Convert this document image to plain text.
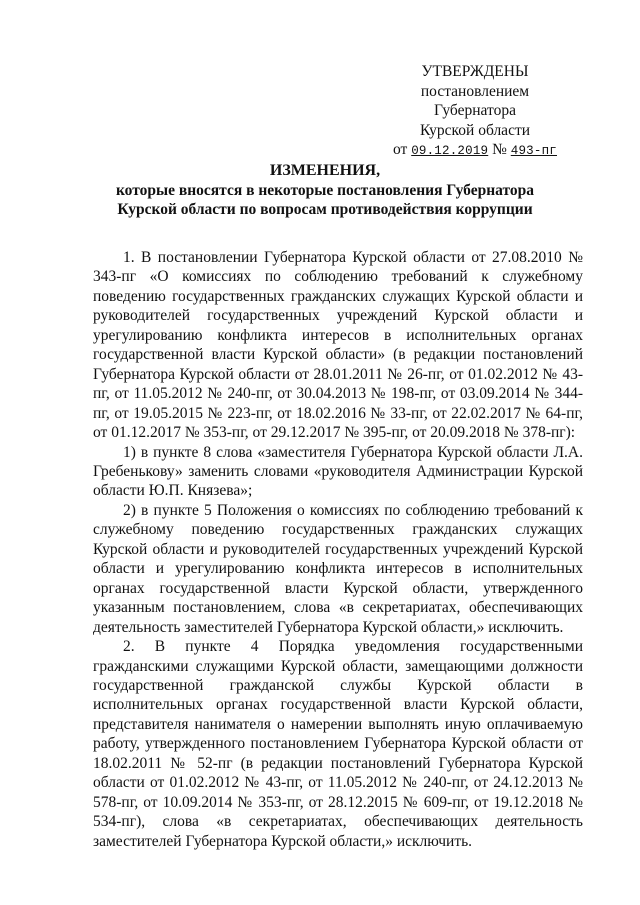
УТВЕРЖДЕНЫ
постановлением Губернатора
Курской области
от 09.12.2019 № 493-пг
ИЗМЕНЕНИЯ,
которые вносятся в некоторые постановления Губернатора Курской области по вопросам противодействия коррупции

1. В постановлении Губернатора Курской области от 27.08.2010 № 343-пг «О комиссиях по соблюдению требований к служебному поведению государственных гражданских служащих Курской области и руководителей государственных учреждений Курской области и урегулированию конфликта интересов в исполнительных органах государственной власти Курской области» (в редакции постановлений Губернатора Курской области от 28.01.2011 № 26-пг, от 01.02.2012 № 43-пг, от 11.05.2012 № 240-пг, от 30.04.2013 № 198-пг, от 03.09.2014 № 344-пг, от 19.05.2015 № 223-пг, от 18.02.2016 № 33-пг, от 22.02.2017 № 64-пг, от 01.12.2017 № 353-пг, от 29.12.2017 № 395-пг, от 20.09.2018 № 378-пг):

1) в пункте 8 слова «заместителя Губернатора Курской области Л.А. Гребенькову» заменить словами «руководителя Администрации Курской области Ю.П. Князева»;

2) в пункте 5 Положения о комиссиях по соблюдению требований к служебному поведению государственных гражданских служащих Курской области и руководителей государственных учреждений Курской области и урегулированию конфликта интересов в исполнительных органах государственной власти Курской области, утвержденного указанным постановлением, слова «в секретариатах, обеспечивающих деятельность заместителей Губернатора Курской области,» исключить.

2. В пункте 4 Порядка уведомления государственными гражданскими служащими Курской области, замещающими должности государственной гражданской службы Курской области в исполнительных органах государственной власти Курской области, представителя нанимателя о намерении выполнять иную оплачиваемую работу, утвержденного постановлением Губернатора Курской области от 18.02.2011 № 52-пг (в редакции постановлений Губернатора Курской области от 01.02.2012 № 43-пг, от 11.05.2012 № 240-пг, от 24.12.2013 № 578-пг, от 10.09.2014 № 353-пг, от 28.12.2015 № 609-пг, от 19.12.2018 № 534-пг), слова «в секретариатах, обеспечивающих деятельность заместителей Губернатора Курской области,» исключить.
